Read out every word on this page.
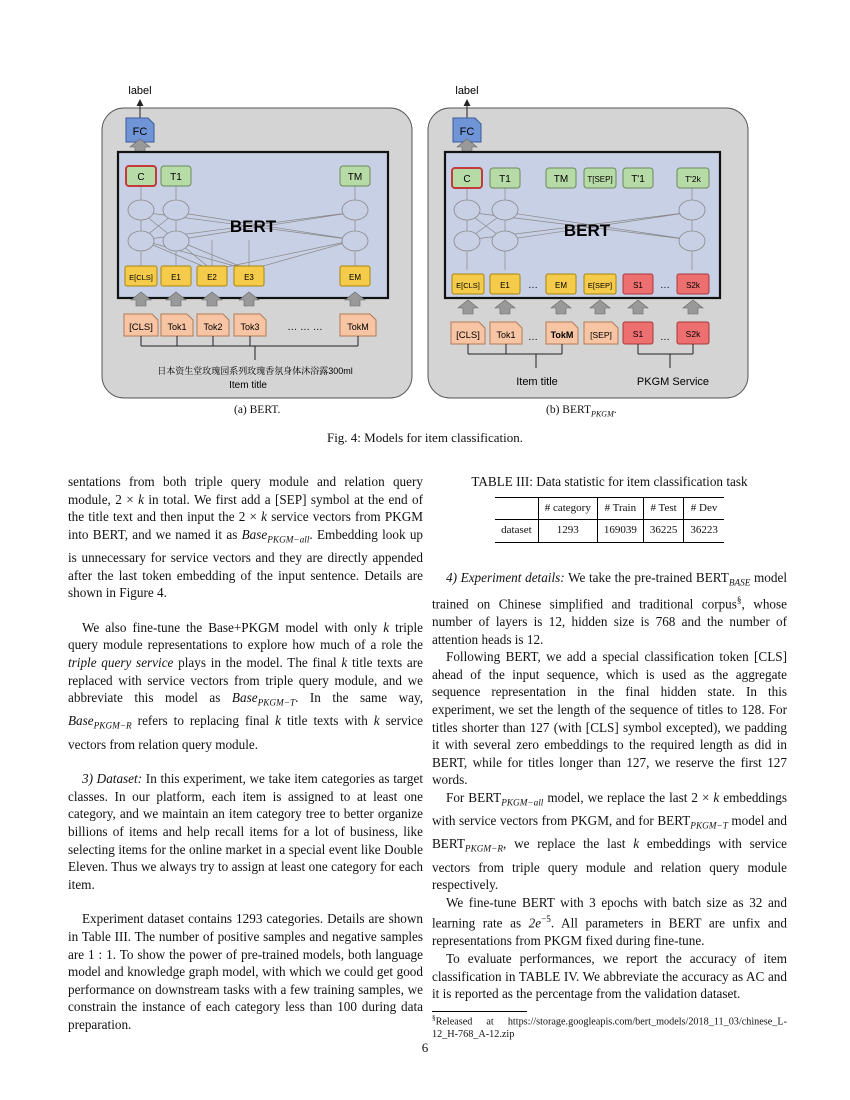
label
FC
BERT
C	T1	TM
E[CLS] E1	E2	E3	EM
[CLS] Tok1 Tok2 Tok3	TokM
… … …
日本资生堂玫瑰园系列玫瑰香氛身体沐浴露300ml
Item title
label
FC
BERT
C	T1	TM T[SEP] T'1	T'2k
E[CLS]	E1 … EM	E[SEP]	S1 … S2k
[CLS] Tok1 … TokM [SEP] S1 … S2k
Item title	PKGM Service
(a) BERT.	(b) $BERT_{PKGM}$.
Fig. 4: Models for item classification.

sentations from both triple query module and relation query module, 2 × k in total. We first add a [SEP] symbol at the end of the title text and then input the 2 × k service vectors from PKGM into BERT, and we named it as Base$_{PKGM-all}$. Embedding look up is unnecessary for service vectors and they are directly appended after the last token embedding of the input sentence. Details are shown in Figure 4.

We also fine-tune the Base+PKGM model with only k triple query module representations to explore how much of a role the triple query service plays in the model. The final k title texts are replaced with service vectors from triple query module, and we abbreviate this model as Base$_{PKGM-T}$. In the same way, Base$_{PKGM-R}$ refers to replacing final k title texts with k service vectors from relation query module.

3) Dataset: In this experiment, we take item categories as target classes. In our platform, each item is assigned to at least one category, and we maintain an item category tree to better organize billions of items and help recall items for a lot of business, like selecting items for the online market in a special event like Double Eleven. Thus we always try to assign at least one category for each item.

Experiment dataset contains 1293 categories. Details are shown in Table III. The number of positive samples and negative samples are 1 : 1. To show the power of pre-trained models, both language model and knowledge graph model, with which we could get good performance on downstream tasks with a few training samples, we constrain the instance of each category less than 100 during data preparation.

TABLE III: Data statistic for item classification task
	# category	# Train	# Test	# Dev
dataset	1293	169039	36225	36223

4) Experiment details: We take the pre-trained $BERT_{BASE}$ model trained on Chinese simplified and traditional corpus§, whose number of layers is 12, hidden size is 768 and the number of attention heads is 12.

Following BERT, we add a special classification token [CLS] ahead of the input sequence, which is used as the aggregate sequence representation in the final hidden state. In this experiment, we set the length of the sequence of titles to 128. For titles shorter than 127 (with [CLS] symbol excepted), we padding it with several zero embeddings to the required length as did in BERT, while for titles longer than 127, we reserve the first 127 words.

For $BERT_{PKGM-all}$ model, we replace the last 2 × k embeddings with service vectors from PKGM, and for $BERT_{PKGM-T}$ model and $BERT_{PKGM-R}$, we replace the last k embeddings with service vectors from triple query module and relation query module respectively.

We fine-tune BERT with 3 epochs with batch size as 32 and learning rate as $2e^{-5}$. All parameters in BERT are unfix and representations from PKGM fixed during fine-tune.

To evaluate performances, we report the accuracy of item classification in TABLE IV. We abbreviate the accuracy as AC and it is reported as the percentage from the validation dataset.

§Released at https://storage.googleapis.com/bert_models/2018_11_03/chinese_L-12_H-768_A-12.zip

6
